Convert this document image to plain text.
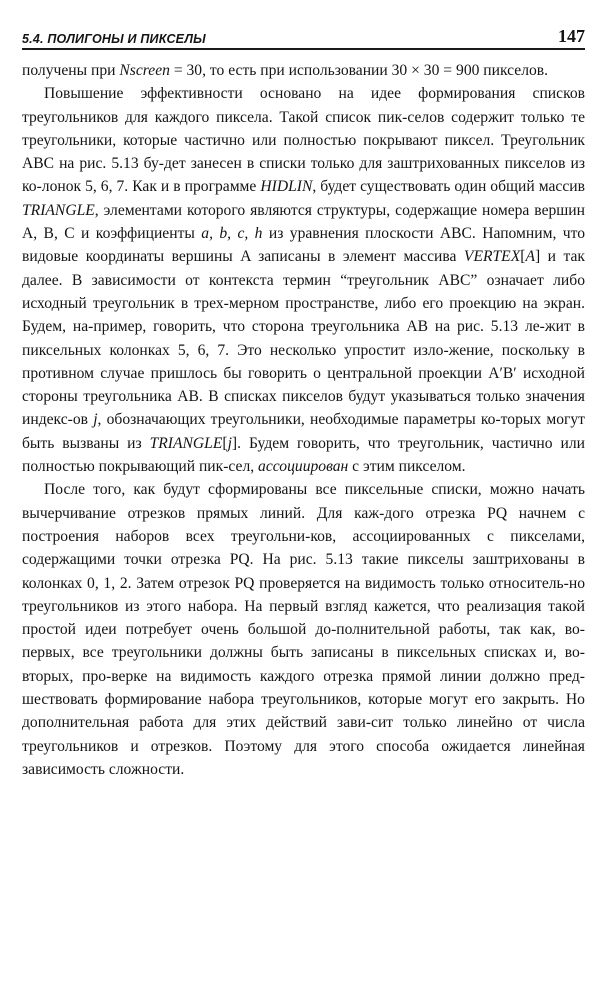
5.4. ПОЛИГОНЫ И ПИКСЕЛЫ	147

получены при Nscreen = 30, то есть при использовании 30 × 30 = 900 пикселов.

Повышение эффективности основано на идее формирования списков треугольников для каждого пиксела. Такой список пик-селов содержит только те треугольники, которые частично или полностью покрывают пиксел. Треугольник ABC на рис. 5.13 бу-дет занесен в списки только для заштрихованных пикселов из ко-лонок 5, 6, 7. Как и в программе HIDLIN, будет существовать один общий массив TRIANGLE, элементами которого являются структуры, содержащие номера вершин A, B, C и коэффициенты a, b, c, h из уравнения плоскости ABC. Напомним, что видовые координаты вершины A записаны в элемент массива VERTEX[A] и так далее. В зависимости от контекста термин “треугольник ABC” означает либо исходный треугольник в трех-мерном пространстве, либо его проекцию на экран. Будем, на-пример, говорить, что сторона треугольника AB на рис. 5.13 ле-жит в пиксельных колонках 5, 6, 7. Это несколько упростит изло-жение, поскольку в противном случае пришлось бы говорить о центральной проекции A′B′ исходной стороны треугольника AB. В списках пикселов будут указываться только значения индекс-ов j, обозначающих треугольники, необходимые параметры ко-торых могут быть вызваны из TRIANGLE[j]. Будем говорить, что треугольник, частично или полностью покрывающий пик-сел, ассоциирован с этим пикселом.

После того, как будут сформированы все пиксельные списки, можно начать вычерчивание отрезков прямых линий. Для каж-дого отрезка PQ начнем с построения наборов всех треугольни-ков, ассоциированных с пикселами, содержащими точки отрезка PQ. На рис. 5.13 такие пикселы заштрихованы в колонках 0, 1, 2. Затем отрезок PQ проверяется на видимость только относитель-но треугольников из этого набора. На первый взгляд кажется, что реализация такой простой идеи потребует очень большой до-полнительной работы, так как, во-первых, все треугольники должны быть записаны в пиксельных списках и, во-вторых, про-верке на видимость каждого отрезка прямой линии должно пред-шествовать формирование набора треугольников, которые могут его закрыть. Но дополнительная работа для этих действий зави-сит только линейно от числа треугольников и отрезков. Поэтому для этого способа ожидается линейная зависимость сложности.
